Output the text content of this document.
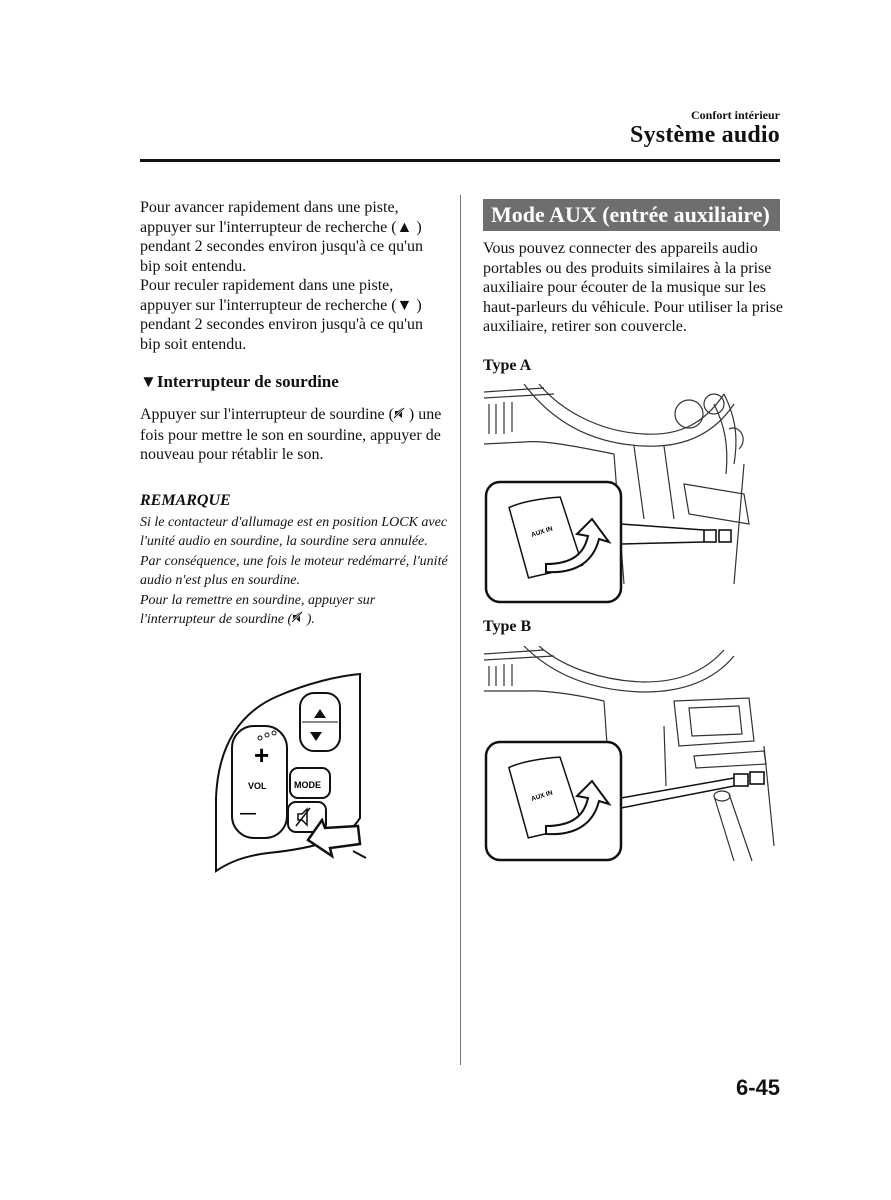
Confort intérieur
Système audio

Pour avancer rapidement dans une piste, appuyer sur l'interrupteur de recherche (▲ ) pendant 2 secondes environ jusqu'à ce qu'un bip soit entendu.

Pour reculer rapidement dans une piste, appuyer sur l'interrupteur de recherche (▼ ) pendant 2 secondes environ jusqu'à ce qu'un bip soit entendu.

▼Interrupteur de sourdine
Appuyer sur l'interrupteur de sourdine ( ) une fois pour mettre le son en sourdine, appuyer de nouveau pour rétablir le son.
REMARQUE
Si le contacteur d'allumage est en position LOCK avec l'unité audio en sourdine, la sourdine sera annulée.
Par conséquence, une fois le moteur redémarré, l'unité audio n'est plus en sourdine.
Pour la remettre en sourdine, appuyer sur l'interrupteur de sourdine ( ).
+
VOL
—
MODE
Mode AUX (entrée auxiliaire)
Vous pouvez connecter des appareils audio portables ou des produits similaires à la prise auxiliaire pour écouter de la musique sur les haut-parleurs du véhicule. Pour utiliser la prise auxiliaire, retirer son couvercle.
Type A
AUX IN
Type B
AUX IN
6-45
